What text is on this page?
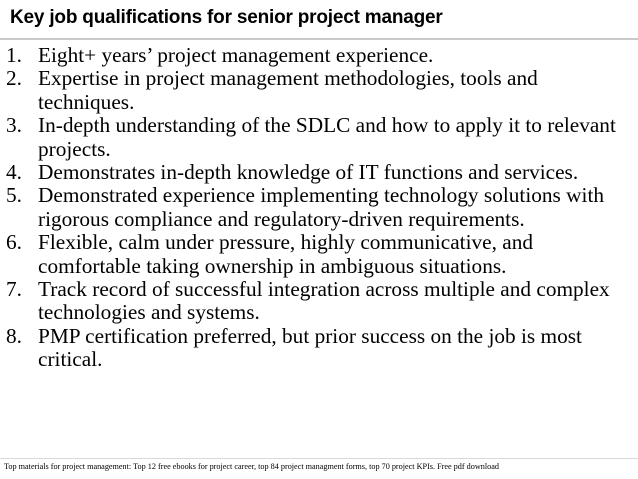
Key job qualifications for senior project manager
1. Eight+ years’ project management experience.
2. Expertise in project management methodologies, tools and techniques.
3. In-depth understanding of the SDLC and how to apply it to relevant projects.
4. Demonstrates in-depth knowledge of IT functions and services.
5. Demonstrated experience implementing technology solutions with rigorous compliance and regulatory-driven requirements.
6. Flexible, calm under pressure, highly communicative, and comfortable taking ownership in ambiguous situations.
7. Track record of successful integration across multiple and complex technologies and systems.
8. PMP certification preferred, but prior success on the job is most critical.
Top materials for project management: Top 12 free ebooks for project career, top 84 project managment forms, top 70 project KPIs. Free pdf download
